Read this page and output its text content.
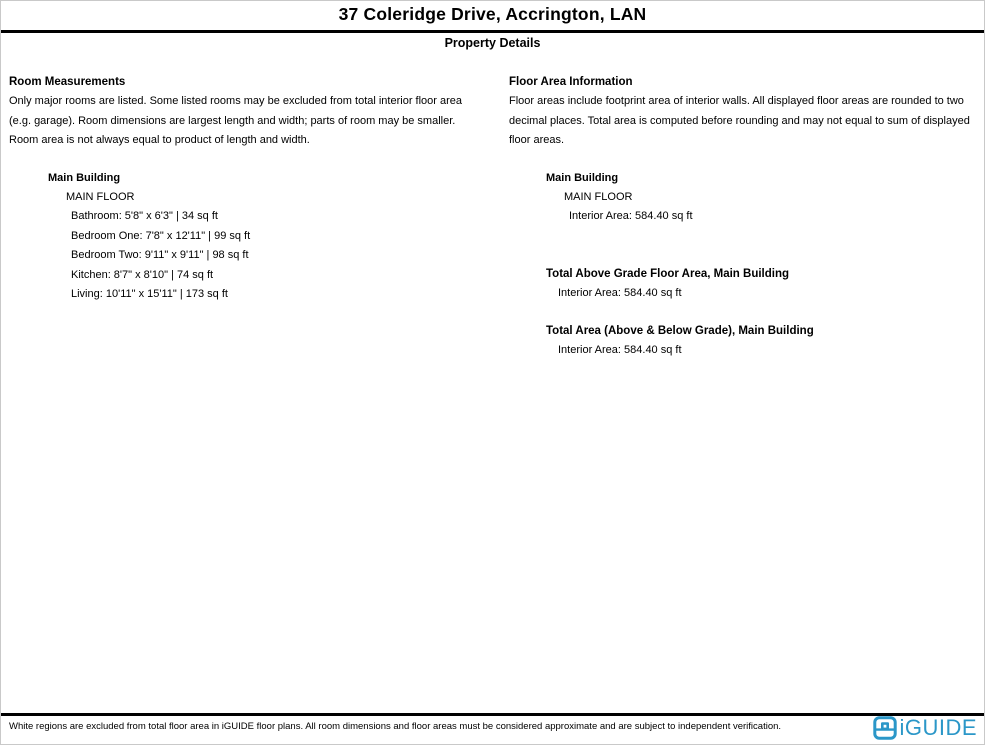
37 Coleridge Drive, Accrington, LAN
Property Details
Room Measurements
Only major rooms are listed. Some listed rooms may be excluded from total interior floor area
(e.g. garage). Room dimensions are largest length and width; parts of room may be smaller.
Room area is not always equal to product of length and width.
Main Building
MAIN FLOOR
Bathroom: 5'8" x 6'3" | 34 sq ft
Bedroom One: 7'8" x 12'11" | 99 sq ft
Bedroom Two: 9'11" x 9'11" | 98 sq ft
Kitchen: 8'7" x 8'10" | 74 sq ft
Living: 10'11" x 15'11" | 173 sq ft
Floor Area Information
Floor areas include footprint area of interior walls. All displayed floor areas are rounded to two
decimal places. Total area is computed before rounding and may not equal to sum of displayed
floor areas.
Main Building
MAIN FLOOR
Interior Area: 584.40 sq ft
Total Above Grade Floor Area, Main Building
Interior Area: 584.40 sq ft
Total Area (Above & Below Grade), Main Building
Interior Area: 584.40 sq ft
White regions are excluded from total floor area in iGUIDE floor plans. All room dimensions and floor areas must be considered approximate and are subject to independent verification.	iGUIDE
